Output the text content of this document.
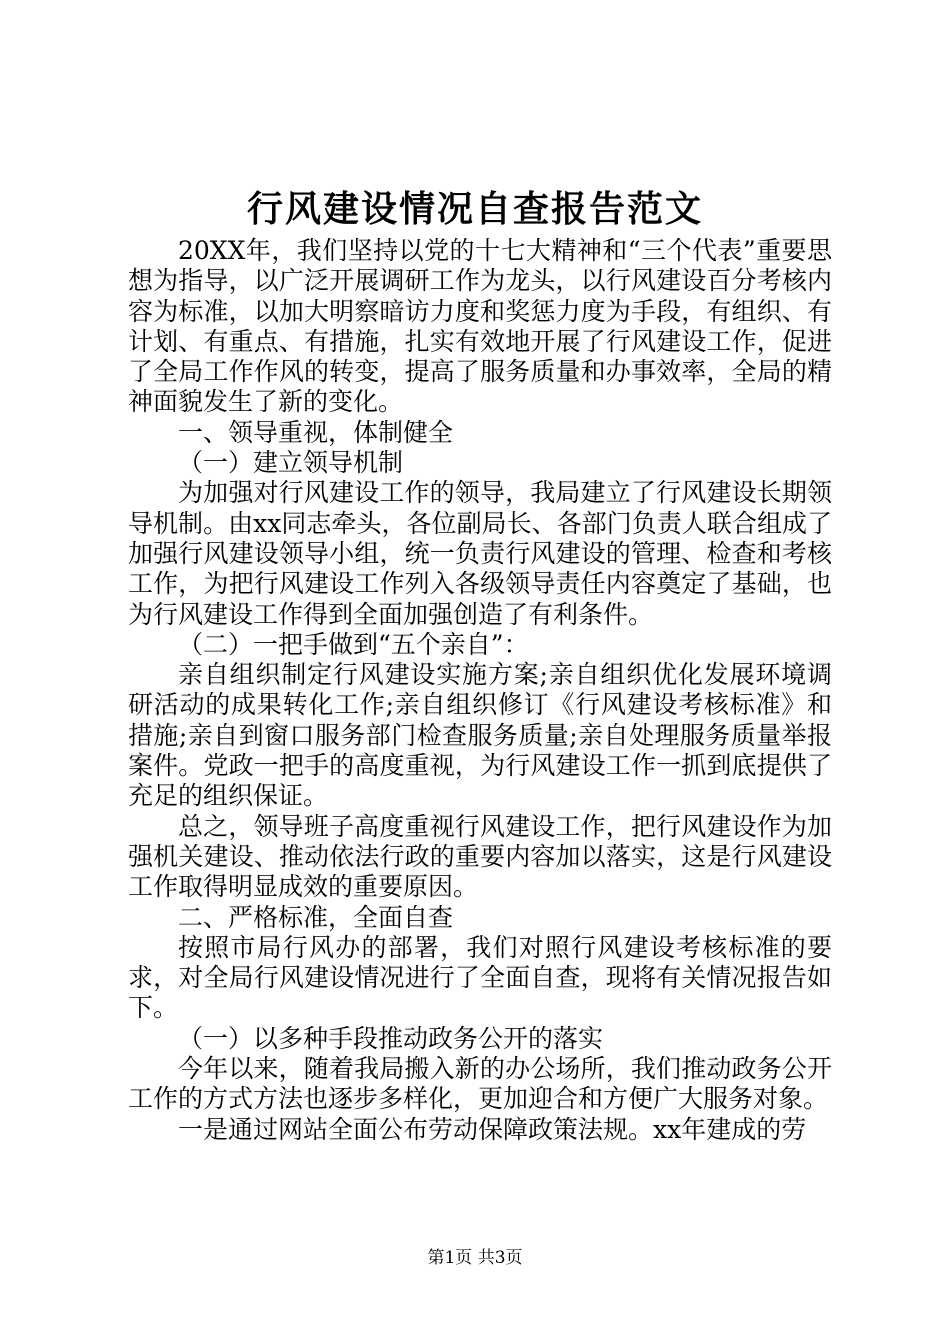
行风建设情况自查报告范文

20XX年，我们坚持以党的十七大精神和“三个代表”重要思想为指导，以广泛开展调研工作为龙头，以行风建设百分考核内容为标准，以加大明察暗访力度和奖惩力度为手段，有组织、有计划、有重点、有措施，扎实有效地开展了行风建设工作，促进了全局工作作风的转变，提高了服务质量和办事效率，全局的精神面貌发生了新的变化。

一、领导重视，体制健全

（一）建立领导机制

为加强对行风建设工作的领导，我局建立了行风建设长期领导机制。由xx同志牵头，各位副局长、各部门负责人联合组成了加强行风建设领导小组，统一负责行风建设的管理、检查和考核工作，为把行风建设工作列入各级领导责任内容奠定了基础，也为行风建设工作得到全面加强创造了有利条件。

（二）一把手做到“五个亲自”：

亲自组织制定行风建设实施方案;亲自组织优化发展环境调研活动的成果转化工作;亲自组织修订《行风建设考核标准》和措施;亲自到窗口服务部门检查服务质量;亲自处理服务质量举报案件。党政一把手的高度重视，为行风建设工作一抓到底提供了充足的组织保证。

总之，领导班子高度重视行风建设工作，把行风建设作为加强机关建设、推动依法行政的重要内容加以落实，这是行风建设工作取得明显成效的重要原因。

二、严格标准，全面自查

按照市局行风办的部署，我们对照行风建设考核标准的要求，对全局行风建设情况进行了全面自查，现将有关情况报告如下。

（一）以多种手段推动政务公开的落实

今年以来，随着我局搬入新的办公场所，我们推动政务公开工作的方式方法也逐步多样化，更加迎合和方便广大服务对象。

一是通过网站全面公布劳动保障政策法规。xx年建成的劳

第1页 共3页
